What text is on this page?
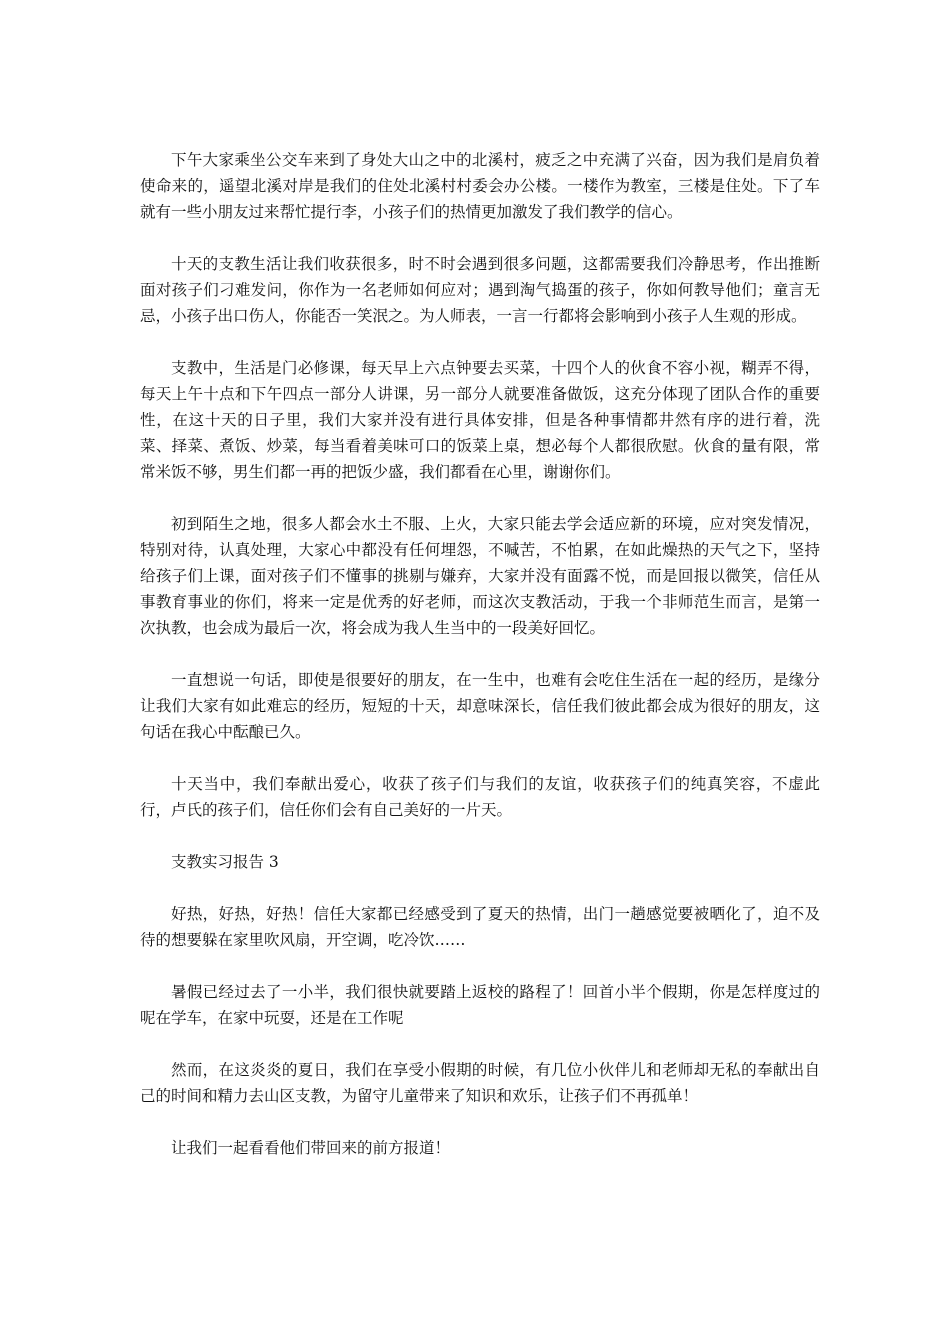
下午大家乘坐公交车来到了身处大山之中的北溪村，疲乏之中充满了兴奋，因为我们是肩负着使命来的，遥望北溪对岸是我们的住处北溪村村委会办公楼。一楼作为教室，三楼是住处。下了车就有一些小朋友过来帮忙提行李，小孩子们的热情更加激发了我们教学的信心。

十天的支教生活让我们收获很多，时不时会遇到很多问题，这都需要我们冷静思考，作出推断面对孩子们刁难发问，你作为一名老师如何应对；遇到淘气捣蛋的孩子，你如何教导他们；童言无忌，小孩子出口伤人，你能否一笑泯之。为人师表，一言一行都将会影响到小孩子人生观的形成。

支教中，生活是门必修课，每天早上六点钟要去买菜，十四个人的伙食不容小视，糊弄不得，每天上午十点和下午四点一部分人讲课，另一部分人就要准备做饭，这充分体现了团队合作的重要性，在这十天的日子里，我们大家并没有进行具体安排，但是各种事情都井然有序的进行着，洗菜、择菜、煮饭、炒菜，每当看着美味可口的饭菜上桌，想必每个人都很欣慰。伙食的量有限，常常米饭不够，男生们都一再的把饭少盛，我们都看在心里，谢谢你们。

初到陌生之地，很多人都会水土不服、上火，大家只能去学会适应新的环境，应对突发情况，特别对待，认真处理，大家心中都没有任何埋怨，不喊苦，不怕累，在如此燥热的天气之下，坚持给孩子们上课，面对孩子们不懂事的挑剔与嫌弃，大家并没有面露不悦，而是回报以微笑，信任从事教育事业的你们，将来一定是优秀的好老师，而这次支教活动，于我一个非师范生而言，是第一次执教，也会成为最后一次，将会成为我人生当中的一段美好回忆。

一直想说一句话，即使是很要好的朋友，在一生中，也难有会吃住生活在一起的经历，是缘分让我们大家有如此难忘的经历，短短的十天，却意味深长，信任我们彼此都会成为很好的朋友，这句话在我心中酝酿已久。

十天当中，我们奉献出爱心，收获了孩子们与我们的友谊，收获孩子们的纯真笑容，不虚此行，卢氏的孩子们，信任你们会有自己美好的一片天。

支教实习报告 3

好热，好热，好热！信任大家都已经感受到了夏天的热情，出门一趟感觉要被晒化了，迫不及待的想要躲在家里吹风扇，开空调，吃冷饮……

暑假已经过去了一小半，我们很快就要踏上返校的路程了！回首小半个假期，你是怎样度过的呢在学车，在家中玩耍，还是在工作呢

然而，在这炎炎的夏日，我们在享受小假期的时候，有几位小伙伴儿和老师却无私的奉献出自己的时间和精力去山区支教，为留守儿童带来了知识和欢乐，让孩子们不再孤单！

让我们一起看看他们带回来的前方报道！
